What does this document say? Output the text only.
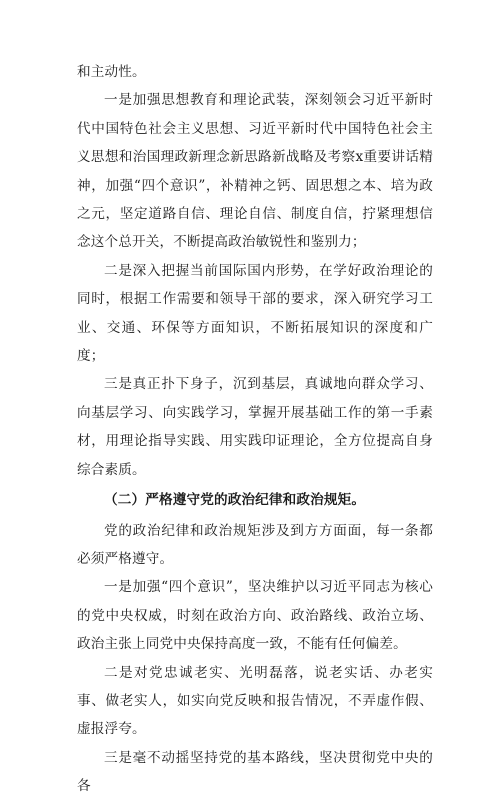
和主动性。

一是加强思想教育和理论武装，深刻领会习近平新时代中国特色社会主义思想、习近平新时代中国特色社会主义思想和治国理政新理念新思路新战略及考察x重要讲话精神，加强“四个意识”，补精神之钙、固思想之本、培为政之元，坚定道路自信、理论自信、制度自信，拧紧理想信念这个总开关，不断提高政治敏锐性和鉴别力；

二是深入把握当前国际国内形势，在学好政治理论的同时，根据工作需要和领导干部的要求，深入研究学习工业、交通、环保等方面知识，不断拓展知识的深度和广度；

三是真正扑下身子，沉到基层，真诚地向群众学习、向基层学习、向实践学习，掌握开展基础工作的第一手素材，用理论指导实践、用实践印证理论，全方位提高自身综合素质。

（二）严格遵守党的政治纪律和政治规矩。

党的政治纪律和政治规矩涉及到方方面面，每一条都必须严格遵守。

一是加强“四个意识”，坚决维护以习近平同志为核心的党中央权威，时刻在政治方向、政治路线、政治立场、政治主张上同党中央保持高度一致，不能有任何偏差。

二是对党忠诚老实、光明磊落，说老实话、办老实事、做老实人，如实向党反映和报告情况，不弄虚作假、虚报浮夸。

三是毫不动摇坚持党的基本路线，坚决贯彻党中央的各
